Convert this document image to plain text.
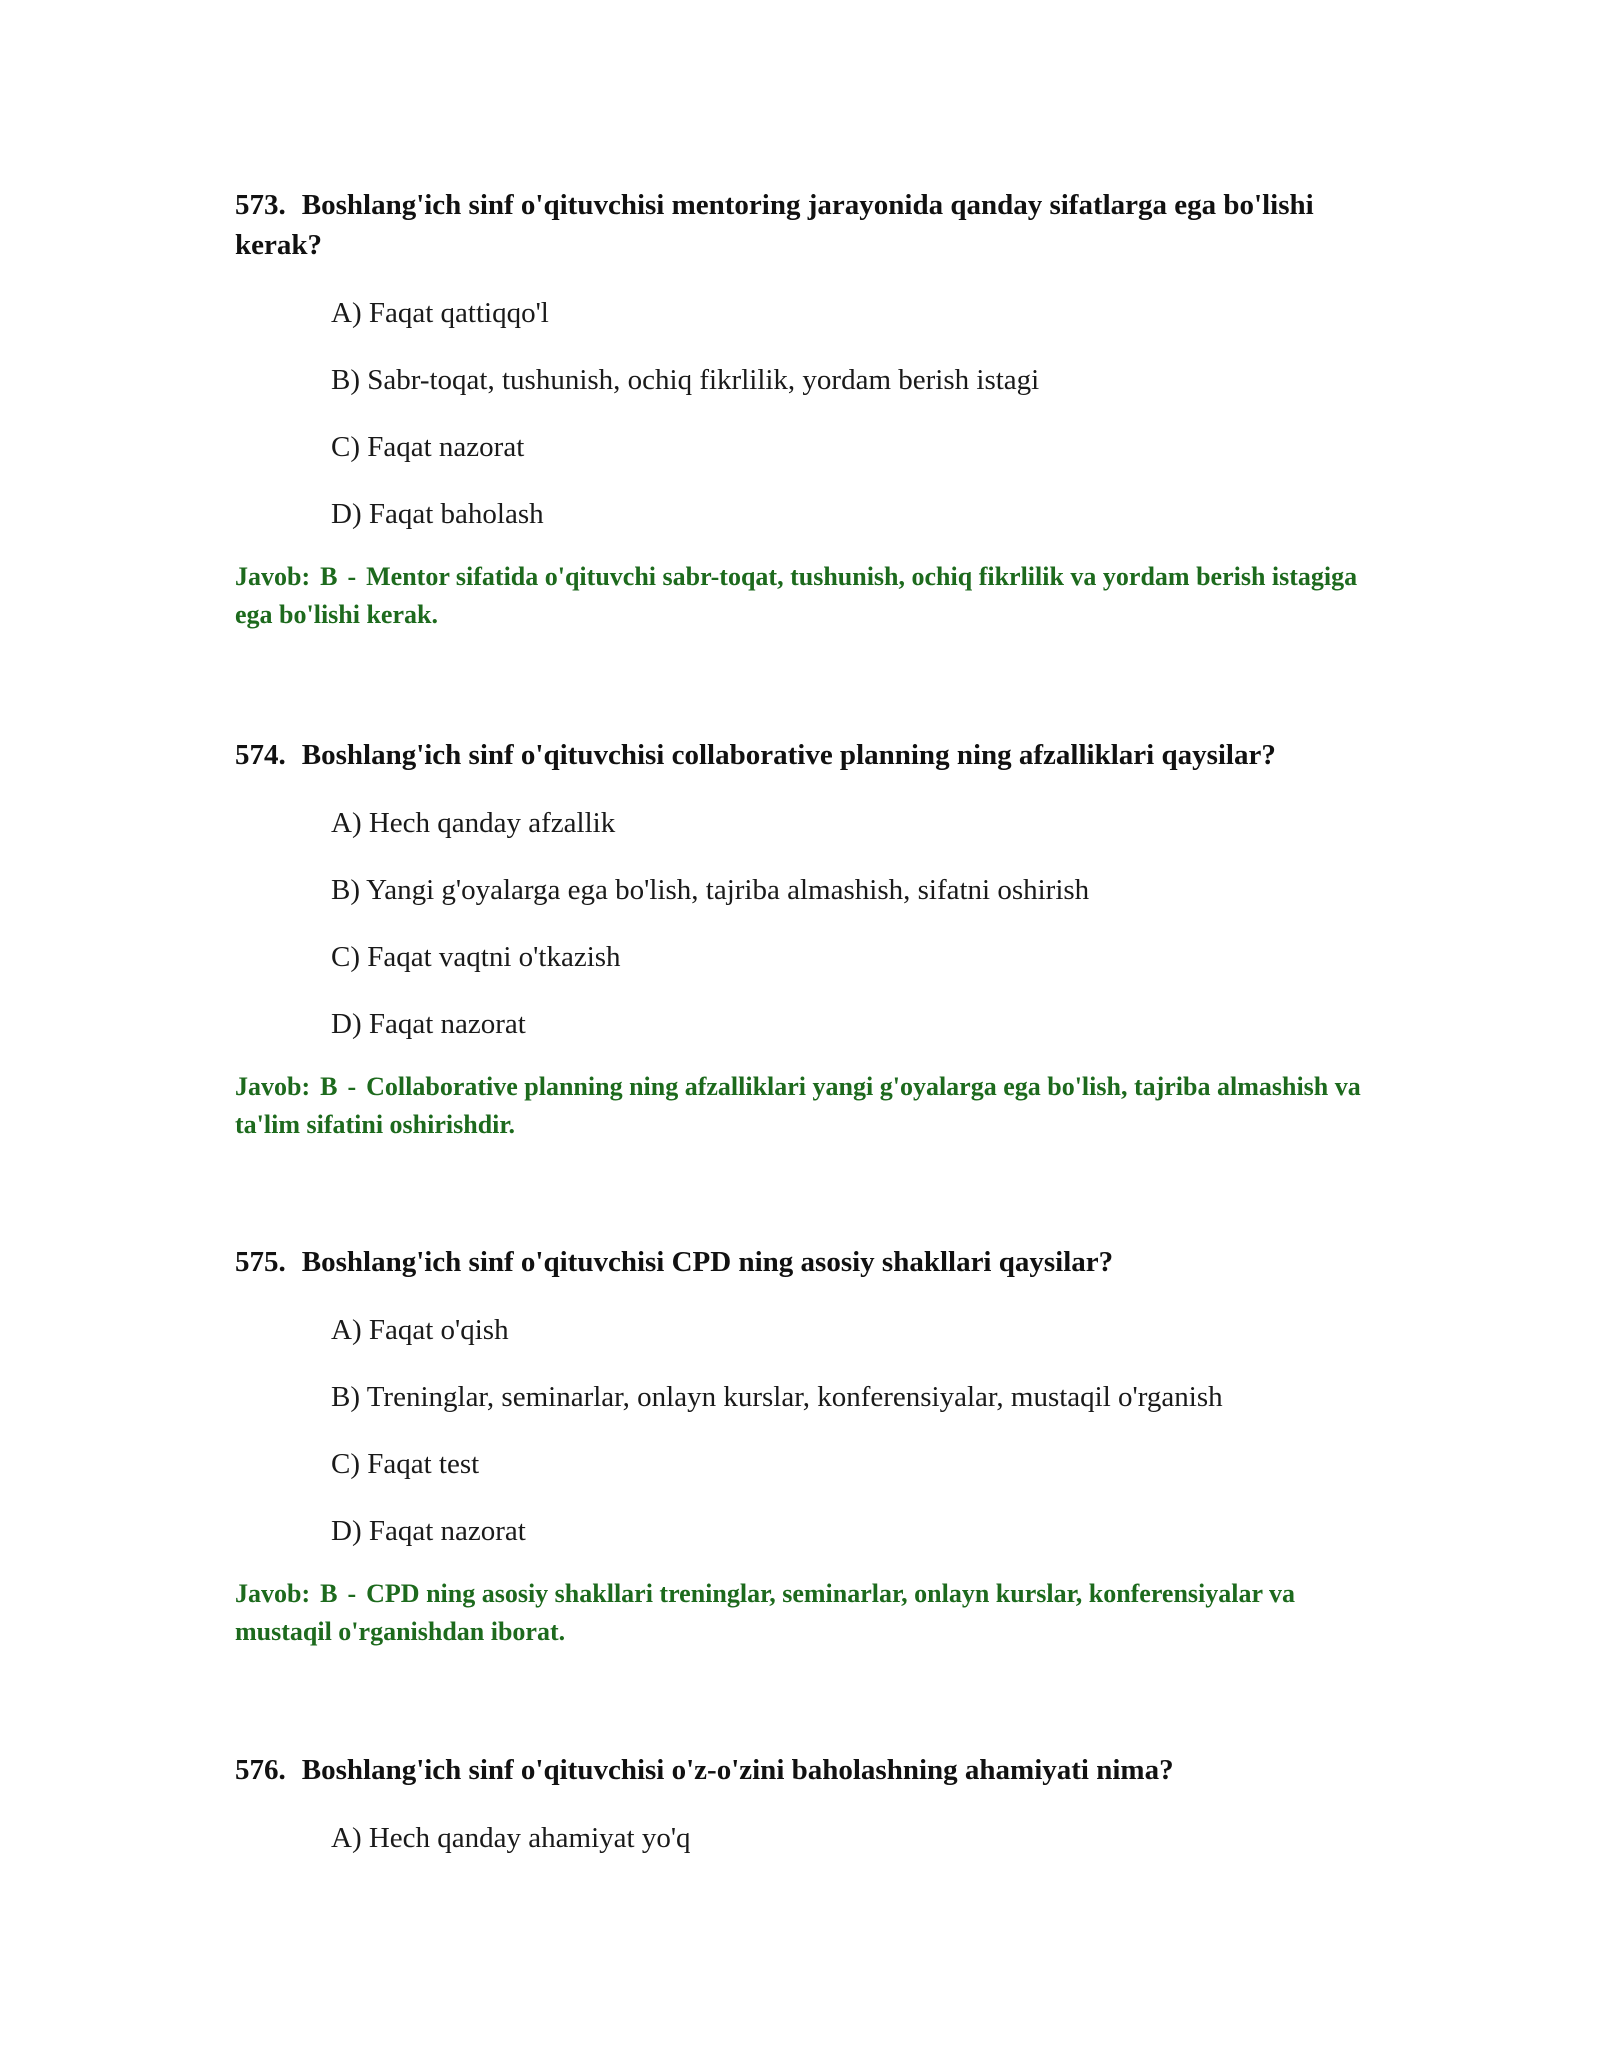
573. Boshlang'ich sinf o'qituvchisi mentoring jarayonida qanday sifatlarga ega bo'lishi kerak?

A) Faqat qattiqqo'l
B) Sabr-toqat, tushunish, ochiq fikrlilik, yordam berish istagi
C) Faqat nazorat
D) Faqat baholash

Javob: B - Mentor sifatida o'qituvchi sabr-toqat, tushunish, ochiq fikrlilik va yordam berish istagiga ega bo'lishi kerak.

574. Boshlang'ich sinf o'qituvchisi collaborative planning ning afzalliklari qaysilar?

A) Hech qanday afzallik
B) Yangi g'oyalarga ega bo'lish, tajriba almashish, sifatni oshirish
C) Faqat vaqtni o'tkazish
D) Faqat nazorat

Javob: B - Collaborative planning ning afzalliklari yangi g'oyalarga ega bo'lish, tajriba almashish va ta'lim sifatini oshirishdir.

575. Boshlang'ich sinf o'qituvchisi CPD ning asosiy shakllari qaysilar?

A) Faqat o'qish
B) Treninglar, seminarlar, onlayn kurslar, konferensiyalar, mustaqil o'rganish
C) Faqat test
D) Faqat nazorat

Javob: B - CPD ning asosiy shakllari treninglar, seminarlar, onlayn kurslar, konferensiyalar va mustaqil o'rganishdan iborat.

576. Boshlang'ich sinf o'qituvchisi o'z-o'zini baholashning ahamiyati nima?

A) Hech qanday ahamiyat yo'q
